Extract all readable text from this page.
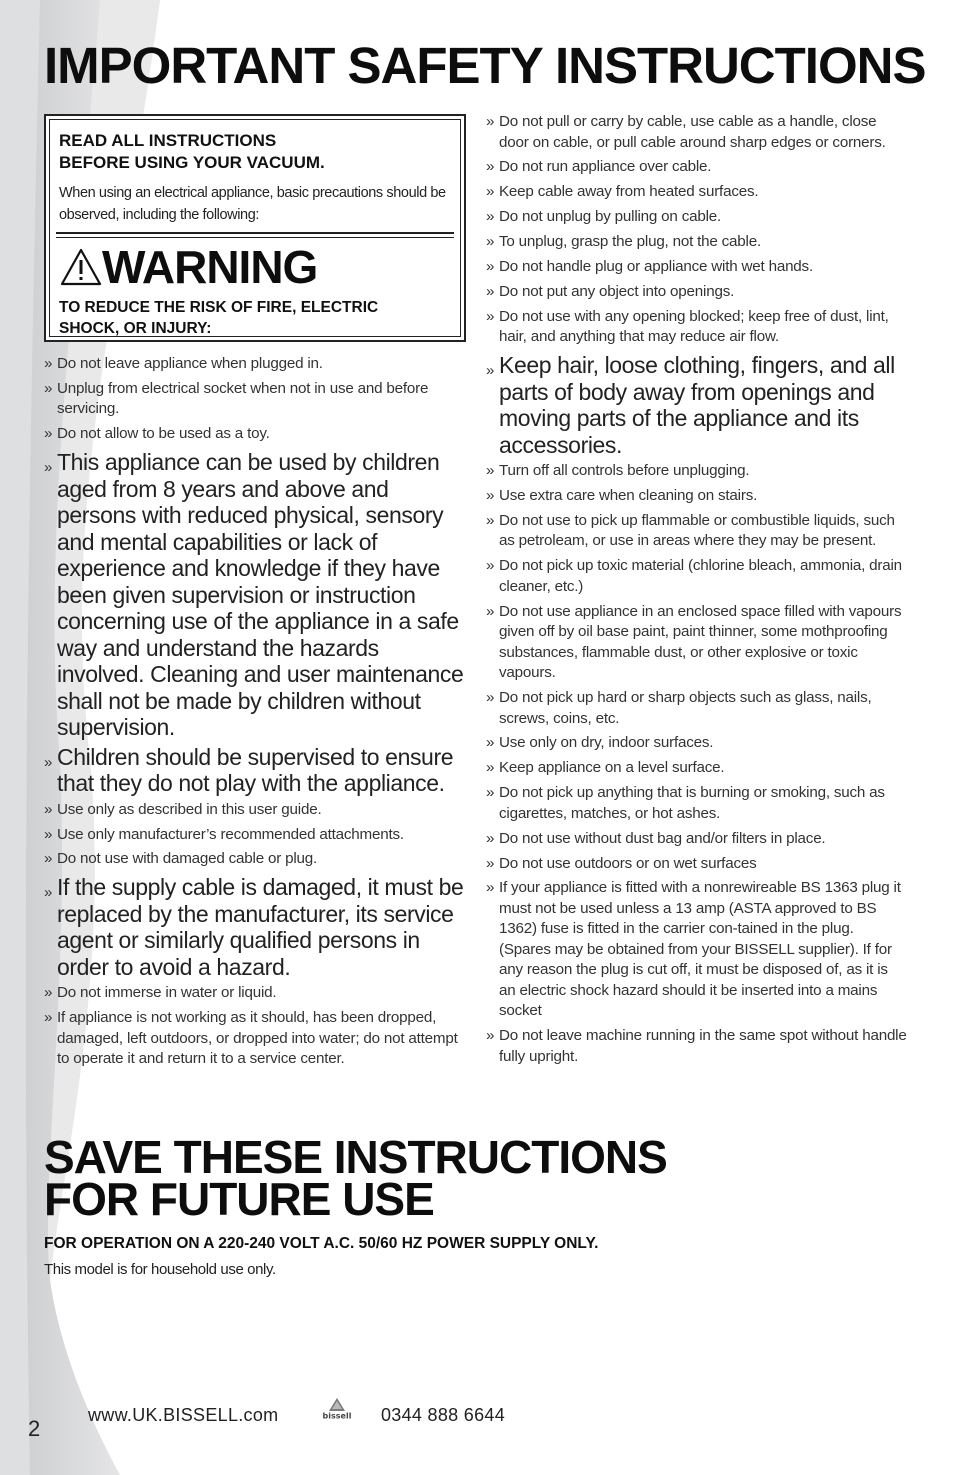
IMPORTANT SAFETY INSTRUCTIONS

READ ALL INSTRUCTIONS
BEFORE USING YOUR VACUUM.

When using an electrical appliance, basic precautions should be observed, including the following:

WARNING

TO REDUCE THE RISK OF FIRE, ELECTRIC
SHOCK, OR INJURY:

» Do not leave appliance when plugged in.
» Unplug from electrical socket when not in use and before servicing.
» Do not allow to be used as a toy.
» This appliance can be used by children aged from 8 years and above and persons with reduced physical, sensory and mental capabilities or lack of experience and knowledge if they have been given supervision or instruction concerning use of the appliance in a safe way and understand the hazards involved. Cleaning and user maintenance shall not be made by children without supervision.
» Children should be supervised to ensure that they do not play with the appliance.
» Use only as described in this user guide.
» Use only manufacturer’s recommended attachments.
» Do not use with damaged cable or plug.
» If the supply cable is damaged, it must be replaced by the manufacturer, its service agent or similarly qualified persons in order to avoid a hazard.
» Do not immerse in water or liquid.
» If appliance is not working as it should, has been dropped, damaged, left outdoors, or dropped into water; do not attempt to operate it and return it to a service center.
» Do not pull or carry by cable, use cable as a handle, close door on cable, or pull cable around sharp edges or corners.
» Do not run appliance over cable.
» Keep cable away from heated surfaces.
» Do not unplug by pulling on cable.
» To unplug, grasp the plug, not the cable.
» Do not handle plug or appliance with wet hands.
» Do not put any object into openings.
» Do not use with any opening blocked; keep free of dust, lint, hair, and anything that may reduce air flow.
» Keep hair, loose clothing, fingers, and all parts of body away from openings and moving parts of the appliance and its accessories.
» Turn off all controls before unplugging.
» Use extra care when cleaning on stairs.
» Do not use to pick up flammable or combustible liquids, such as petroleam, or use in areas where they may be present.
» Do not pick up toxic material (chlorine bleach, ammonia, drain cleaner, etc.)
» Do not use appliance in an enclosed space filled with vapours given off by oil base paint, paint thinner, some mothproofing substances, flammable dust, or other explosive or toxic vapours.
» Do not pick up hard or sharp objects such as glass, nails, screws, coins, etc.
» Use only on dry, indoor surfaces.
» Keep appliance on a level surface.
» Do not pick up anything that is burning or smoking, such as cigarettes, matches, or hot ashes.
» Do not use without dust bag and/or filters in place.
» Do not use outdoors or on wet surfaces
» If your appliance is fitted with a nonrewireable BS 1363 plug it must not be used unless a 13 amp (ASTA approved to BS 1362) fuse is fitted in the carrier con-tained in the plug. (Spares may be obtained from your BISSELL supplier). If for any reason the plug is cut off, it must be disposed of, as it is an electric shock hazard should it be inserted into a mains socket
» Do not leave machine running in the same spot without handle fully upright.
SAVE THESE INSTRUCTIONS
FOR FUTURE USE

FOR OPERATION ON A 220-240 VOLT A.C. 50/60 HZ POWER SUPPLY ONLY.

This model is for household use only.

2
www.UK.BISSELL.com	bissell 0344 888 6644
